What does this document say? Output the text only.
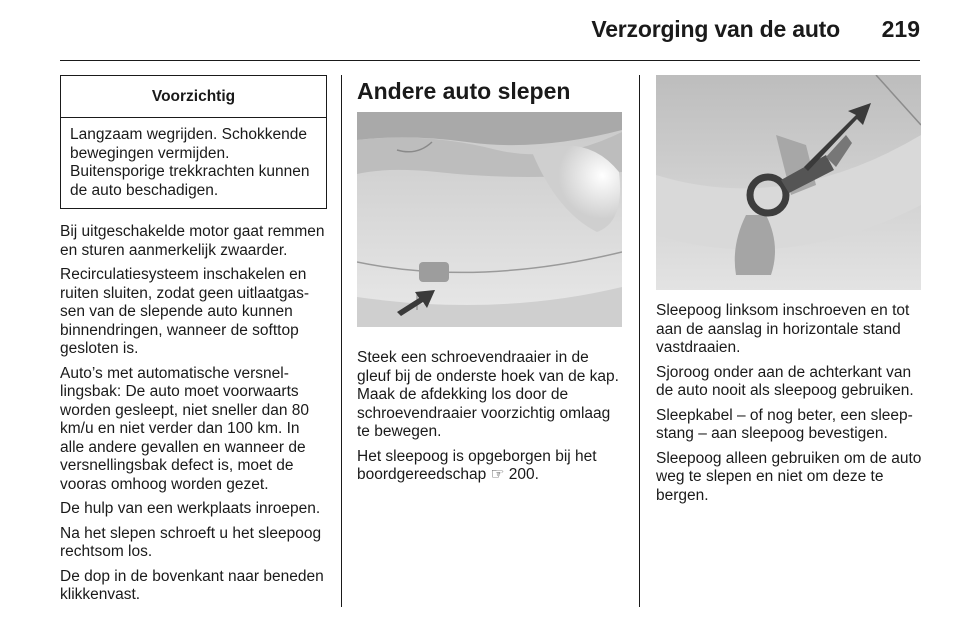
Verzorging van de auto 219
Voorzichtig
Langzaam wegrijden. Schokkende bewegingen vermijden. Buitensporige trekkrachten kunnen de auto beschadigen.

Bij uitgeschakelde motor gaat remmen en sturen aanmerkelijk zwaarder.

Recirculatiesysteem inschakelen en ruiten sluiten, zodat geen uitlaatgassen van de slepende auto kunnen binnendringen, wanneer de softtop gesloten is.

Auto’s met automatische versnellingsbak: De auto moet voorwaarts worden gesleept, niet sneller dan 80 km/u en niet verder dan 100 km. In alle andere gevallen en wanneer de versnellingsbak defect is, moet de vooras omhoog worden gezet.

De hulp van een werkplaats inroepen.

Na het slepen schroeft u het sleepoog rechtsom los.

De dop in de bovenkant naar beneden klikkenvast.

Andere auto slepen

Steek een schroevendraaier in de gleuf bij de onderste hoek van de kap. Maak de afdekking los door de schroevendraaier voorzichtig omlaag te bewegen.

Het sleepoog is opgeborgen bij het boordgereedschap ☞ 200.

Sleepoog linksom inschroeven en tot aan de aanslag in horizontale stand vastdraaien.

Sjoroog onder aan de achterkant van de auto nooit als sleepoog gebruiken.

Sleepkabel – of nog beter, een sleepstang – aan sleepoog bevestigen.

Sleepoog alleen gebruiken om de auto weg te slepen en niet om deze te bergen.
